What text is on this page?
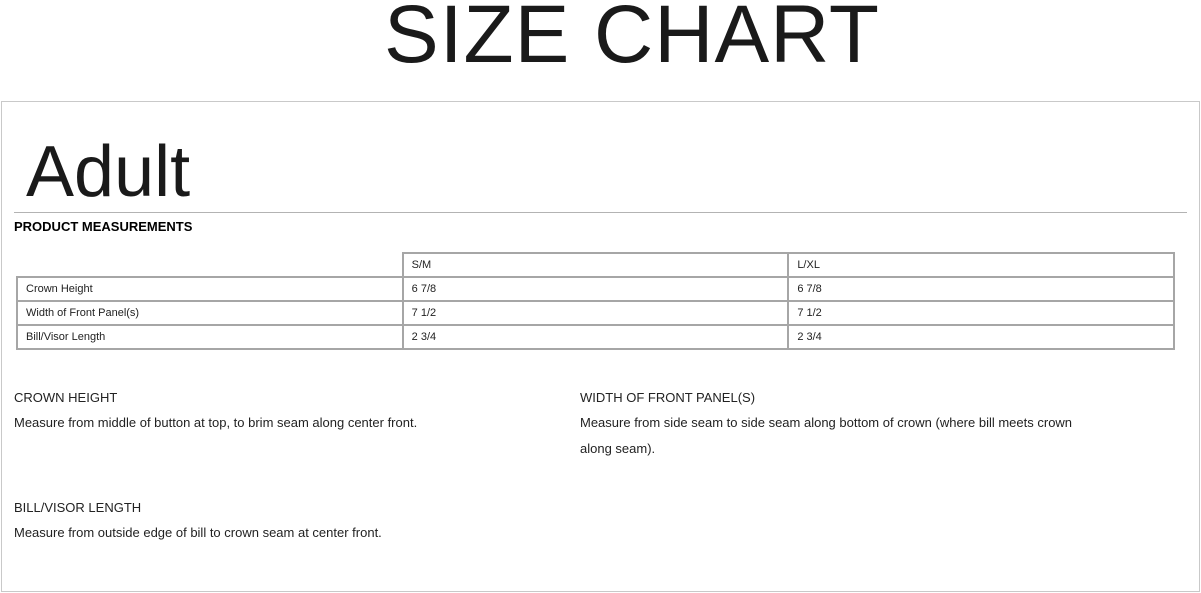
SIZE CHART
Adult
PRODUCT MEASUREMENTS
	S/M	L/XL
Crown Height	6 7/8	6 7/8
Width of Front Panel(s)	7 1/2	7 1/2
Bill/Visor Length	2 3/4	2 3/4
CROWN HEIGHT
Measure from middle of button at top, to brim seam along center front.
WIDTH OF FRONT PANEL(S)
Measure from side seam to side seam along bottom of crown (where bill meets crown along seam).
BILL/VISOR LENGTH
Measure from outside edge of bill to crown seam at center front.
